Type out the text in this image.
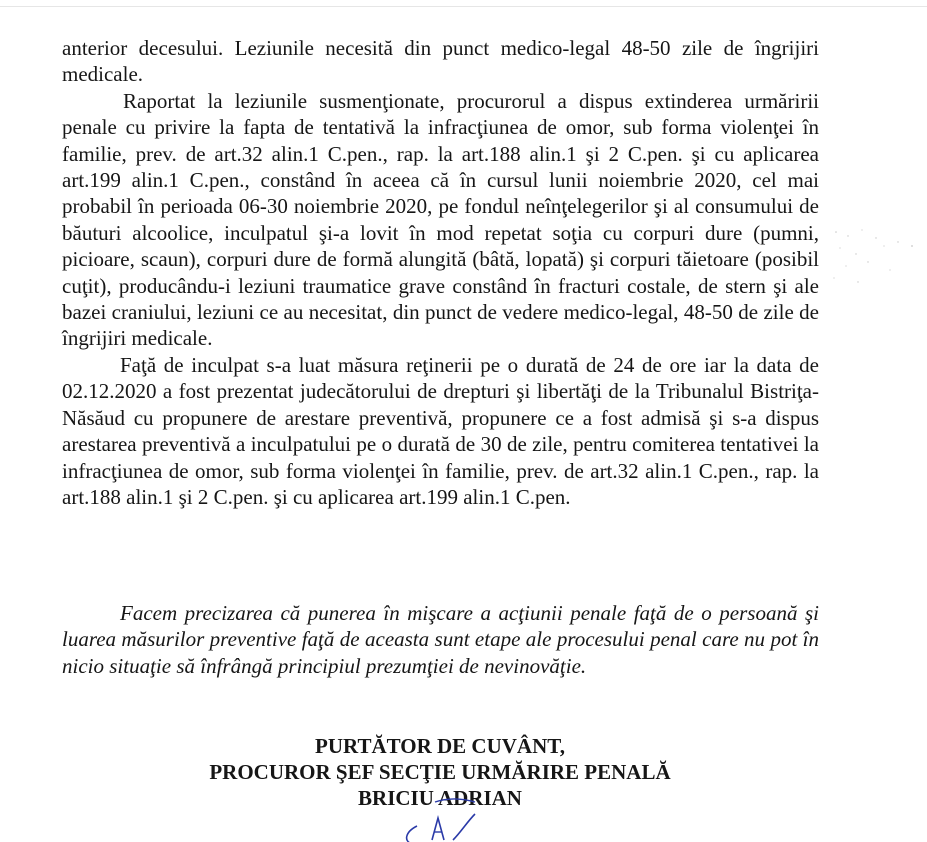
anterior decesului. Leziunile necesită din punct medico-legal 48-50 zile de îngrijiri medicale.

Raportat la leziunile susmenţionate, procurorul a dispus extinderea urmăririi penale cu privire la fapta de tentativă la infracţiunea de omor, sub forma violenţei în familie, prev. de art.32 alin.1 C.pen., rap. la art.188 alin.1 şi 2 C.pen. şi cu aplicarea art.199 alin.1 C.pen., constând în aceea că în cursul lunii noiembrie 2020, cel mai probabil în perioada 06-30 noiembrie 2020, pe fondul neînţelegerilor şi al consumului de băuturi alcoolice, inculpatul şi-a lovit în mod repetat soţia cu corpuri dure (pumni, picioare, scaun), corpuri dure de formă alungită (bâtă, lopată) şi corpuri tăietoare (posibil cuţit), producându-i leziuni traumatice grave constând în fracturi costale, de stern şi ale bazei craniului, leziuni ce au necesitat, din punct de vedere medico-legal, 48-50 de zile de îngrijiri medicale.

Faţă de inculpat s-a luat măsura reţinerii pe o durată de 24 de ore iar la data de 02.12.2020 a fost prezentat judecătorului de drepturi şi libertăţi de la Tribunalul Bistriţa-Năsăud cu propunere de arestare preventivă, propunere ce a fost admisă şi s-a dispus arestarea preventivă a inculpatului pe o durată de 30 de zile, pentru comiterea tentativei la infracţiunea de omor, sub forma violenţei în familie, prev. de art.32 alin.1 C.pen., rap. la art.188 alin.1 şi 2 C.pen. şi cu aplicarea art.199 alin.1 C.pen.

Facem precizarea că punerea în mişcare a acţiunii penale faţă de o persoană şi luarea măsurilor preventive faţă de aceasta sunt etape ale procesului penal care nu pot în nicio situaţie să înfrângă principiul prezumţiei de nevinovăţie.

PURTĂTOR DE CUVÂNT,
PROCUROR ŞEF SECŢIE URMĂRIRE PENALĂ
BRICIU ADRIAN
